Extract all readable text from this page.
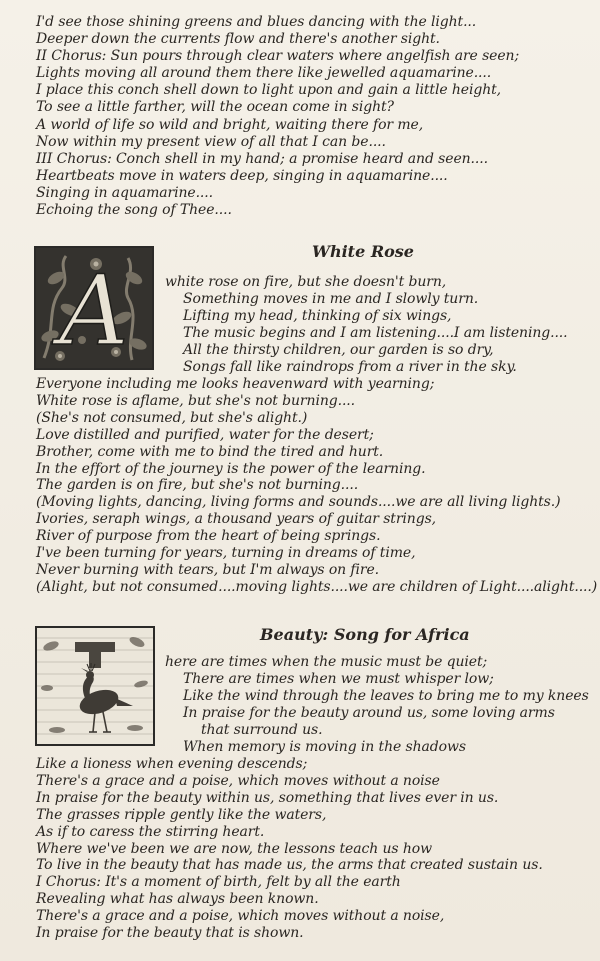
I'd see those shining greens and blues dancing with the light...
Deeper down the currents flow and there's another sight.
II Chorus: Sun pours through clear waters where angelfish are seen;
Lights moving all around them there like jewelled aquamarine....
I place this conch shell down to light upon and gain a little height,
To see a little farther, will the ocean come in sight?
A world of life so wild and bright, waiting there for me,
Now within my present view of all that I can be....
III Chorus: Conch shell in my hand; a promise heard and seen....
Heartbeats move in waters deep, singing in aquamarine....
Singing in aquamarine....
Echoing the song of Thee....
White Rose
A	white rose on fire, but she doesn't burn,
Something moves in me and I slowly turn.
Lifting my head, thinking of six wings,
The music begins and I am listening....I am listening....
All the thirsty children, our garden is so dry,
Songs fall like raindrops from a river in the sky.
Everyone including me looks heavenward with yearning;
White rose is aflame, but she's not burning....
(She's not consumed, but she's alight.)
Love distilled and purified, water for the desert;
Brother, come with me to bind the tired and hurt.
In the effort of the journey is the power of the learning.
The garden is on fire, but she's not burning....
(Moving lights, dancing, living forms and sounds....we are all living lights.)
Ivories, seraph wings, a thousand years of guitar strings,
River of purpose from the heart of being springs.
I've been turning for years, turning in dreams of time,
Never burning with tears, but I'm always on fire.
(Alight, but not consumed....moving lights....we are children of Light....alight....)
Beauty: Song for Africa
here are times when the music must be quiet;
There are times when we must whisper low;
Like the wind through the leaves to bring me to my knees
In praise for the beauty around us, some loving arms
that surround us.
When memory is moving in the shadows
Like a lioness when evening descends;
There's a grace and a poise, which moves without a noise
In praise for the beauty within us, something that lives ever in us.
The grasses ripple gently like the waters,
As if to caress the stirring heart.
Where we've been we are now, the lessons teach us how
To live in the beauty that has made us, the arms that created sustain us.
I Chorus: It's a moment of birth, felt by all the earth
Revealing what has always been known.
There's a grace and a poise, which moves without a noise,
In praise for the beauty that is shown.
